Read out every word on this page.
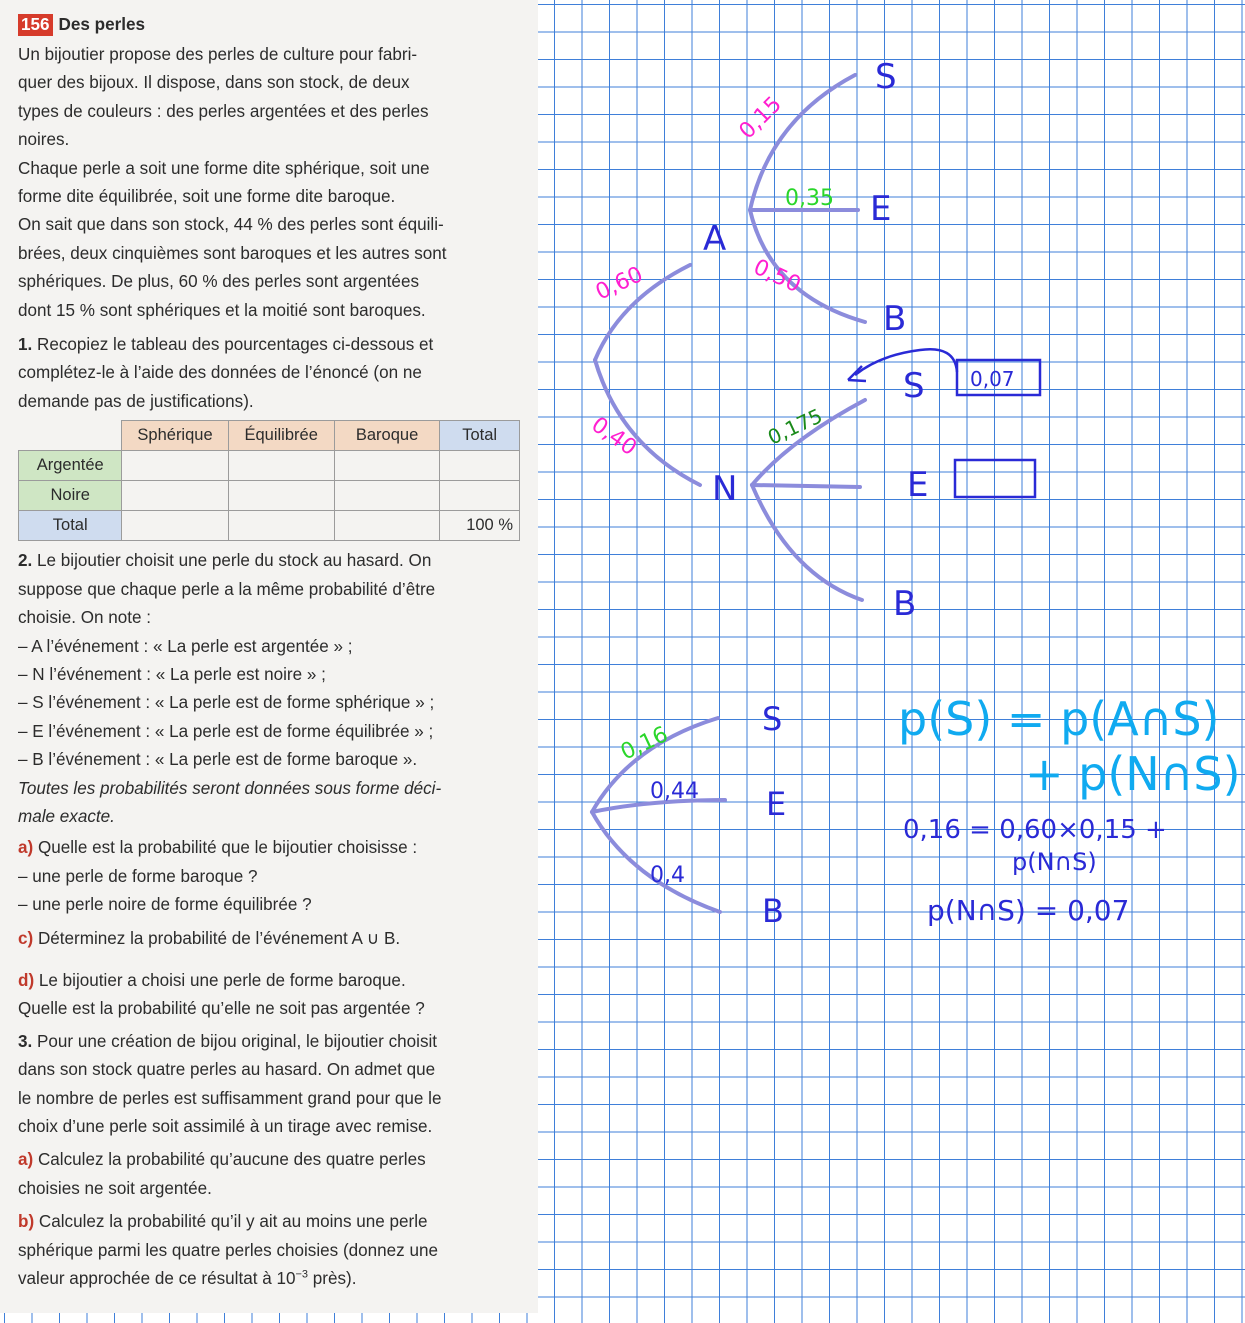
156 Des perles

Un bijoutier propose des perles de culture pour fabri-

quer des bijoux. Il dispose, dans son stock, de deux

types de couleurs : des perles argentées et des perles

noires.

Chaque perle a soit une forme dite sphérique, soit une

forme dite équilibrée, soit une forme dite baroque.

On sait que dans son stock, 44 % des perles sont équili-

brées, deux cinquièmes sont baroques et les autres sont

sphériques. De plus, 60 % des perles sont argentées

dont 15 % sont sphériques et la moitié sont baroques.

1. Recopiez le tableau des pourcentages ci-dessous et

complétez-le à l’aide des données de l’énoncé (on ne

demande pas de justifications).

	Sphérique	Équilibrée	Baroque	Total
Argentée				
Noire				
Total				100 %

2. Le bijoutier choisit une perle du stock au hasard. On

suppose que chaque perle a la même probabilité d’être

choisie. On note :

– A l’événement : « La perle est argentée » ;

– N l’événement : « La perle est noire » ;

– S l’événement : « La perle est de forme sphérique » ;

– E l’événement : « La perle est de forme équilibrée » ;

– B l’événement : « La perle est de forme baroque ».

Toutes les probabilités seront données sous forme déci-

male exacte.

a) Quelle est la probabilité que le bijoutier choisisse :

– une perle de forme baroque ?

– une perle noire de forme équilibrée ?

c) Déterminez la probabilité de l’événement A ∪ B.

d) Le bijoutier a choisi une perle de forme baroque.

Quelle est la probabilité qu’elle ne soit pas argentée ?

3. Pour une création de bijou original, le bijoutier choisit

dans son stock quatre perles au hasard. On admet que

le nombre de perles est suffisamment grand pour que le

choix d’une perle soit assimilé à un tirage avec remise.

a) Calculez la probabilité qu’aucune des quatre perles

choisies ne soit argentée.

b) Calculez la probabilité qu’il y ait au moins une perle

sphérique parmi les quatre perles choisies (donnez une

valeur approchée de ce résultat à $10^{-3}$ près).

A
N
S
E
B
S
E
B
0,60
0,40
0,15
0,35
0,50
0,175
0,07
S
E
B
0,16
0,44
0,4
p(S) = p(A∩S)
+ p(N∩S)
0,16 = 0,60×0,15 +
p(N∩S)
p(N∩S) = 0,07
